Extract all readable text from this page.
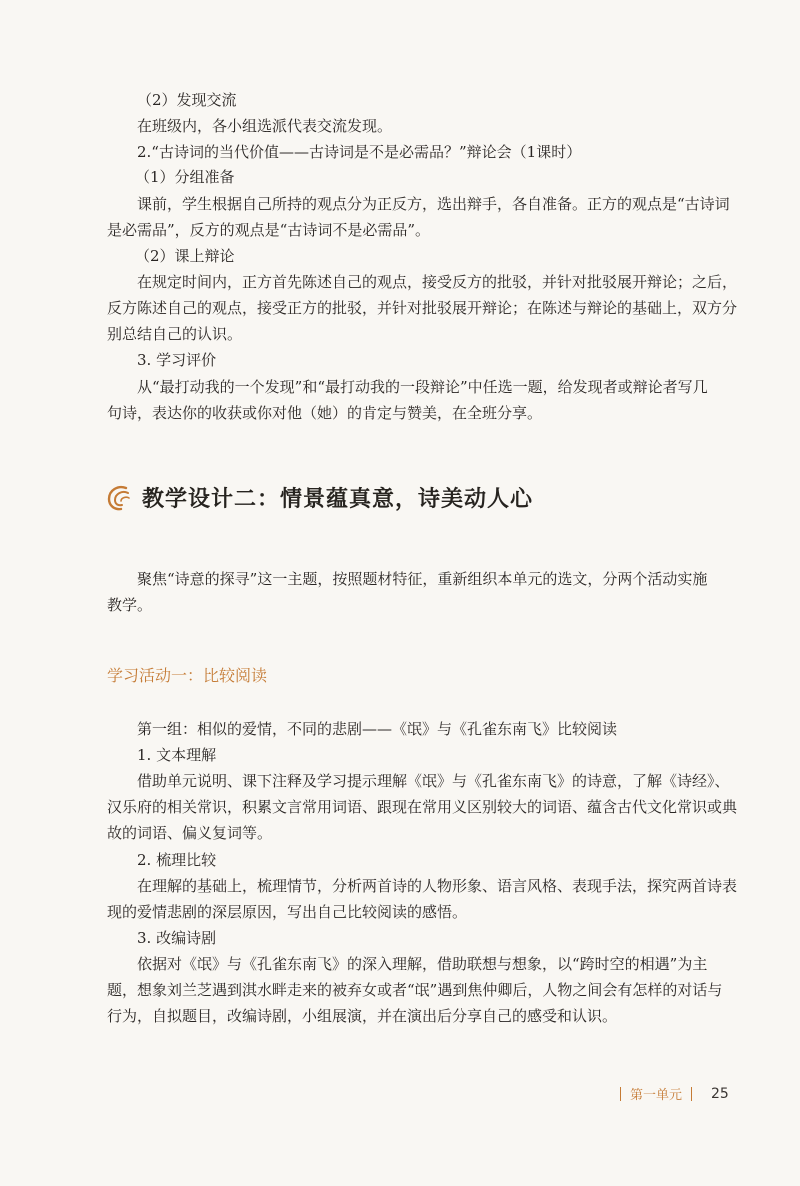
（2）发现交流
在班级内，各小组选派代表交流发现。
2.“古诗词的当代价值——古诗词是不是必需品？”辩论会（1课时）
（1）分组准备
课前，学生根据自己所持的观点分为正反方，选出辩手，各自准备。正方的观点是“古诗词
是必需品”，反方的观点是“古诗词不是必需品”。
（2）课上辩论
在规定时间内，正方首先陈述自己的观点，接受反方的批驳，并针对批驳展开辩论；之后，
反方陈述自己的观点，接受正方的批驳，并针对批驳展开辩论；在陈述与辩论的基础上，双方分
别总结自己的认识。
3. 学习评价
从“最打动我的一个发现”和“最打动我的一段辩论”中任选一题，给发现者或辩论者写几
句诗，表达你的收获或你对他（她）的肯定与赞美，在全班分享。
教学设计二：情景蕴真意，诗美动人心
聚焦“诗意的探寻”这一主题，按照题材特征，重新组织本单元的选文，分两个活动实施
教学。
学习活动一：比较阅读
第一组：相似的爱情，不同的悲剧——《氓》与《孔雀东南飞》比较阅读
1. 文本理解
借助单元说明、课下注释及学习提示理解《氓》与《孔雀东南飞》的诗意，了解《诗经》、
汉乐府的相关常识，积累文言常用词语、跟现在常用义区别较大的词语、蕴含古代文化常识或典
故的词语、偏义复词等。
2. 梳理比较
在理解的基础上，梳理情节，分析两首诗的人物形象、语言风格、表现手法，探究两首诗表
现的爱情悲剧的深层原因，写出自己比较阅读的感悟。
3. 改编诗剧
依据对《氓》与《孔雀东南飞》的深入理解，借助联想与想象，以“跨时空的相遇”为主
题，想象刘兰芝遇到淇水畔走来的被弃女或者“氓”遇到焦仲卿后，人物之间会有怎样的对话与
行为，自拟题目，改编诗剧，小组展演，并在演出后分享自己的感受和认识。
第一单元 25
